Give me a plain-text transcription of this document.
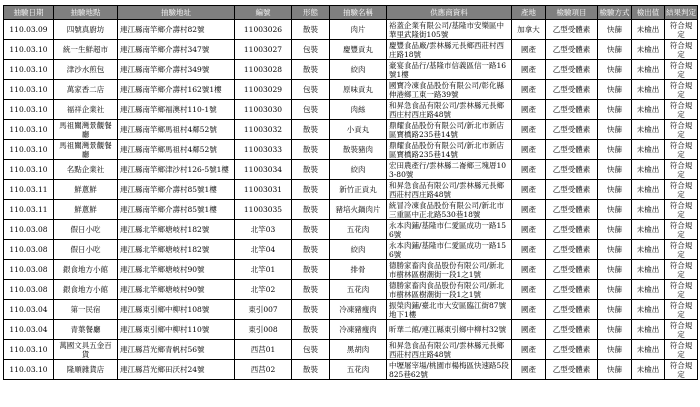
抽驗日期	抽驗地點	抽驗地址	編號	形態	抽驗名稱	供應商資料	產地	檢驗項目	檢驗方式	檢出值	結果判定
110.03.09	四號真廚坊	連江縣南竿鄉介壽村82號	11003026	散裝	肉片	裕蓋企業有限公司/基隆市安樂區中華里武隆街105號	加拿大	乙型受體素	快篩	未檢出	符合規定
110.03.10	統一生鮮超市	連江縣南竿鄉介壽村347號	11003027	包裝	慶豐貢丸	慶豐食品廠/雲林縣元長鄉西莊村西庄路18號	國產	乙型受體素	快篩	未檢出	符合規定
110.03.10	津沙水煎包	連江縣南竿鄉介壽村349號	11003028	散裝	絞肉	豪宴食品行/基隆市信義區信一路16號1樓	國產	乙型受體素	快篩	未檢出	符合規定
110.03.10	萬家香二店	連江縣南竿鄉介壽村162號1樓	11003029	包裝	原味貢丸	國寶冷凍食品股份有限公司/彰化縣伸港鄉工東一路39號	國產	乙型受體素	快篩	未檢出	符合規定
110.03.10	福祥企業社	連江縣南竿鄉福澳村110-1號	11003030	包裝	肉絲	和昇急食品有限公司/雲林縣元長鄉西庄村西庄路48號	國產	乙型受體素	快篩	未檢出	符合規定
110.03.10	馬祖關灣景觀餐廳	連江縣南竿鄉馬祖村4鄰52號	11003032	散裝	小貢丸	鼎耀食品股份有限公司/新北市新店區寶橋路235巷14號	國產	乙型受體素	快篩	未檢出	符合規定
110.03.10	馬祖關灣景觀餐廳	連江縣南竿鄉馬祖村4鄰52號	11003033	散裝	散裝豬肉	鼎耀食品股份有限公司/新北市新店區寶橋路235巷14號	國產	乙型受體素	快篩	未檢出	符合規定
110.03.10	名點企業社	連江縣南竿鄉津沙村126-5號1樓	11003034	散裝	絞肉	宏田農產行/雲林縣二崙鄉三塊厝103-80號	國產	乙型受體素	快篩	未檢出	符合規定
110.03.11	鮮蔥鮮	連江縣南竿鄉介壽村85號1樓	11003031	散裝	新竹正貢丸	和昇急食品有限公司/雲林縣元長鄉西莊村西庄路48號	國產	乙型受體素	快篩	未檢出	符合規定
110.03.11	鮮蔥鮮	連江縣南竿鄉介壽村85號1樓	11003035	散裝	豬培火鍋肉片	統冒冷凍食品股份有限公司/新北市三重區中正北路530巷18號	國產	乙型受體素	快篩	未檢出	符合規定
110.03.08	假日小吃	連江縣北竿鄉塘岐村182號	北竿03	散裝	五花肉	永本肉鋪/基隆市仁愛區成功一路156號	國產	乙型受體素	快篩	未檢出	符合規定
110.03.08	假日小吃	連江縣北竿鄉塘岐村182號	北竿04	散裝	絞肉	永本肉鋪/基隆市仁愛區成功一路156號	國產	乙型受體素	快篩	未檢出	符合規定
110.03.08	銀食地方小館	連江縣北竿鄉塘岐村90號	北竿01	散裝	排骨	德勝家畜肉食品股份有限公司/新北市樹林區樹潮街一段1之1號	國產	乙型受體素	快篩	未檢出	符合規定
110.03.08	銀食地方小館	連江縣北竿鄉塘岐村90號	北竿02	散裝	五花肉	德勝家畜肉食品股份有限公司/新北市樹林區樹潮街一段1之1號	國產	乙型受體素	快篩	未檢出	符合規定
110.03.04	第一民宿	連江縣東引鄉中柳村108號	東引007	散裝	冷凍豬瘦肉	振榮肉鋪/臺北市大安區臨江街87號地下1樓	國產	乙型受體素	快篩	未檢出	符合規定
110.03.04	青葉餐廳	連江縣東引鄉中柳村110號	東引008	散裝	冷凍豬瘦肉	昕華二館/連江縣東引鄉中柳村32號	國產	乙型受體素	快篩	未檢出	符合規定
110.03.10	萬國文具五金百貨	連江縣莒光鄉青帆村56號	西莒01	包裝	黑胡肉	和昇急食品有限公司/雲林縣元長鄉西莊村西庄路48號	國產	乙型受體素	快篩	未檢出	符合規定
110.03.10	隆順雜貨店	連江縣莒光鄉田沃村24號	西莒02	散裝	五花肉	中壢屠宰場/桃園市楊梅區快速路5段825巷62號	國產	乙型受體素	快篩	未檢出	符合規定
